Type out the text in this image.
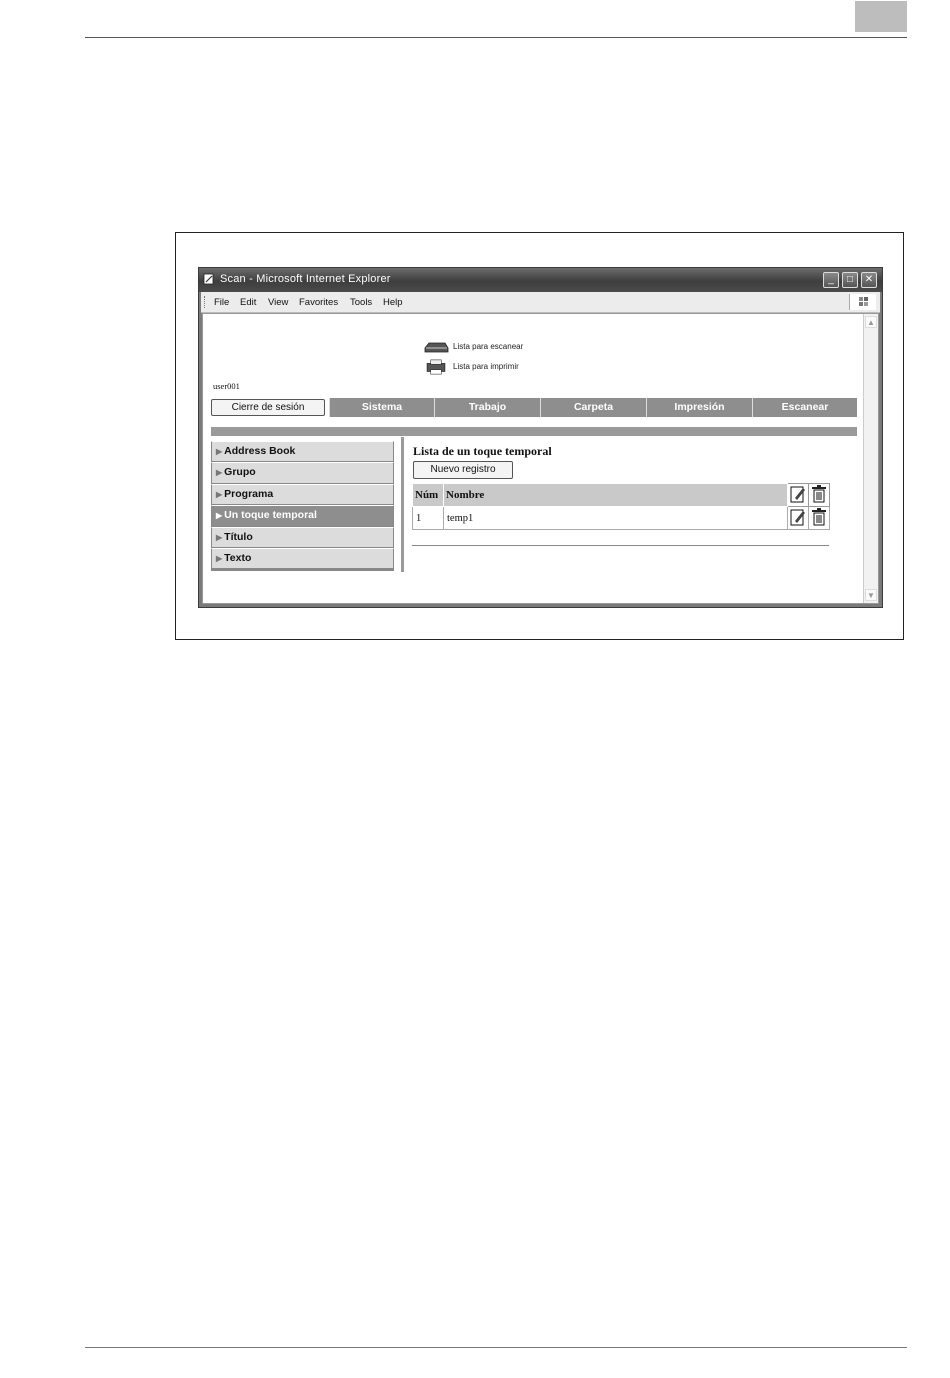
Scan - Microsoft Internet Explorer	_	□	✕
File Edit View Favorites Tools Help
Lista para escanear
Lista para imprimir
user001
Cierre de sesión	Sistema	Trabajo	Carpeta	Impresión	Escanear
▶ Address Book
▶ Grupo
▶ Programa
▶ Un toque temporal
▶ Título
▶ Texto
Lista de un toque temporal
Nuevo registro
Núm	Nombre		
1	temp1		
▲
▼
